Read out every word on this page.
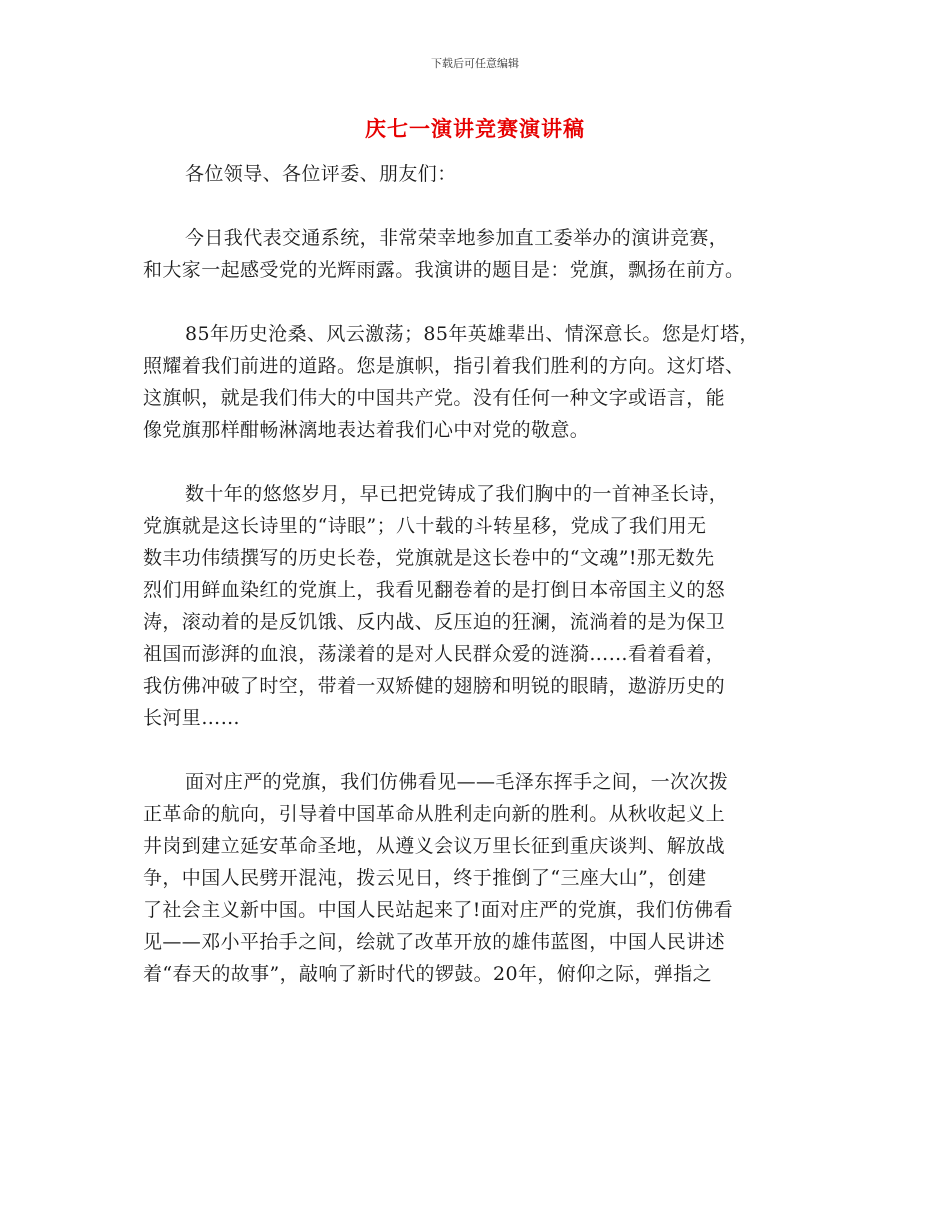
下载后可任意编辑
庆七一演讲竞赛演讲稿
各位领导、各位评委、朋友们：
今日我代表交通系统，非常荣幸地参加直工委举办的演讲竞赛，
和大家一起感受党的光辉雨露。我演讲的题目是：党旗，飘扬在前方。
85年历史沧桑、风云激荡；85年英雄辈出、情深意长。您是灯塔，
照耀着我们前进的道路。您是旗帜，指引着我们胜利的方向。这灯塔、
这旗帜，就是我们伟大的中国共产党。没有任何一种文字或语言，能
像党旗那样酣畅淋漓地表达着我们心中对党的敬意。
数十年的悠悠岁月，早已把党铸成了我们胸中的一首神圣长诗，
党旗就是这长诗里的“诗眼”；八十载的斗转星移，党成了我们用无
数丰功伟绩撰写的历史长卷，党旗就是这长卷中的“文魂”!那无数先
烈们用鲜血染红的党旗上，我看见翻卷着的是打倒日本帝国主义的怒
涛，滚动着的是反饥饿、反内战、反压迫的狂澜，流淌着的是为保卫
祖国而澎湃的血浪，荡漾着的是对人民群众爱的涟漪……看着看着，
我仿佛冲破了时空，带着一双矫健的翅膀和明锐的眼睛，遨游历史的
长河里……
面对庄严的党旗，我们仿佛看见——毛泽东挥手之间，一次次拨
正革命的航向，引导着中国革命从胜利走向新的胜利。从秋收起义上
井岗到建立延安革命圣地，从遵义会议万里长征到重庆谈判、解放战
争，中国人民劈开混沌，拨云见日，终于推倒了“三座大山”，创建
了社会主义新中国。中国人民站起来了!面对庄严的党旗，我们仿佛看
见——邓小平抬手之间，绘就了改革开放的雄伟蓝图，中国人民讲述
着“春天的故事”，敲响了新时代的锣鼓。20年，俯仰之际，弹指之
